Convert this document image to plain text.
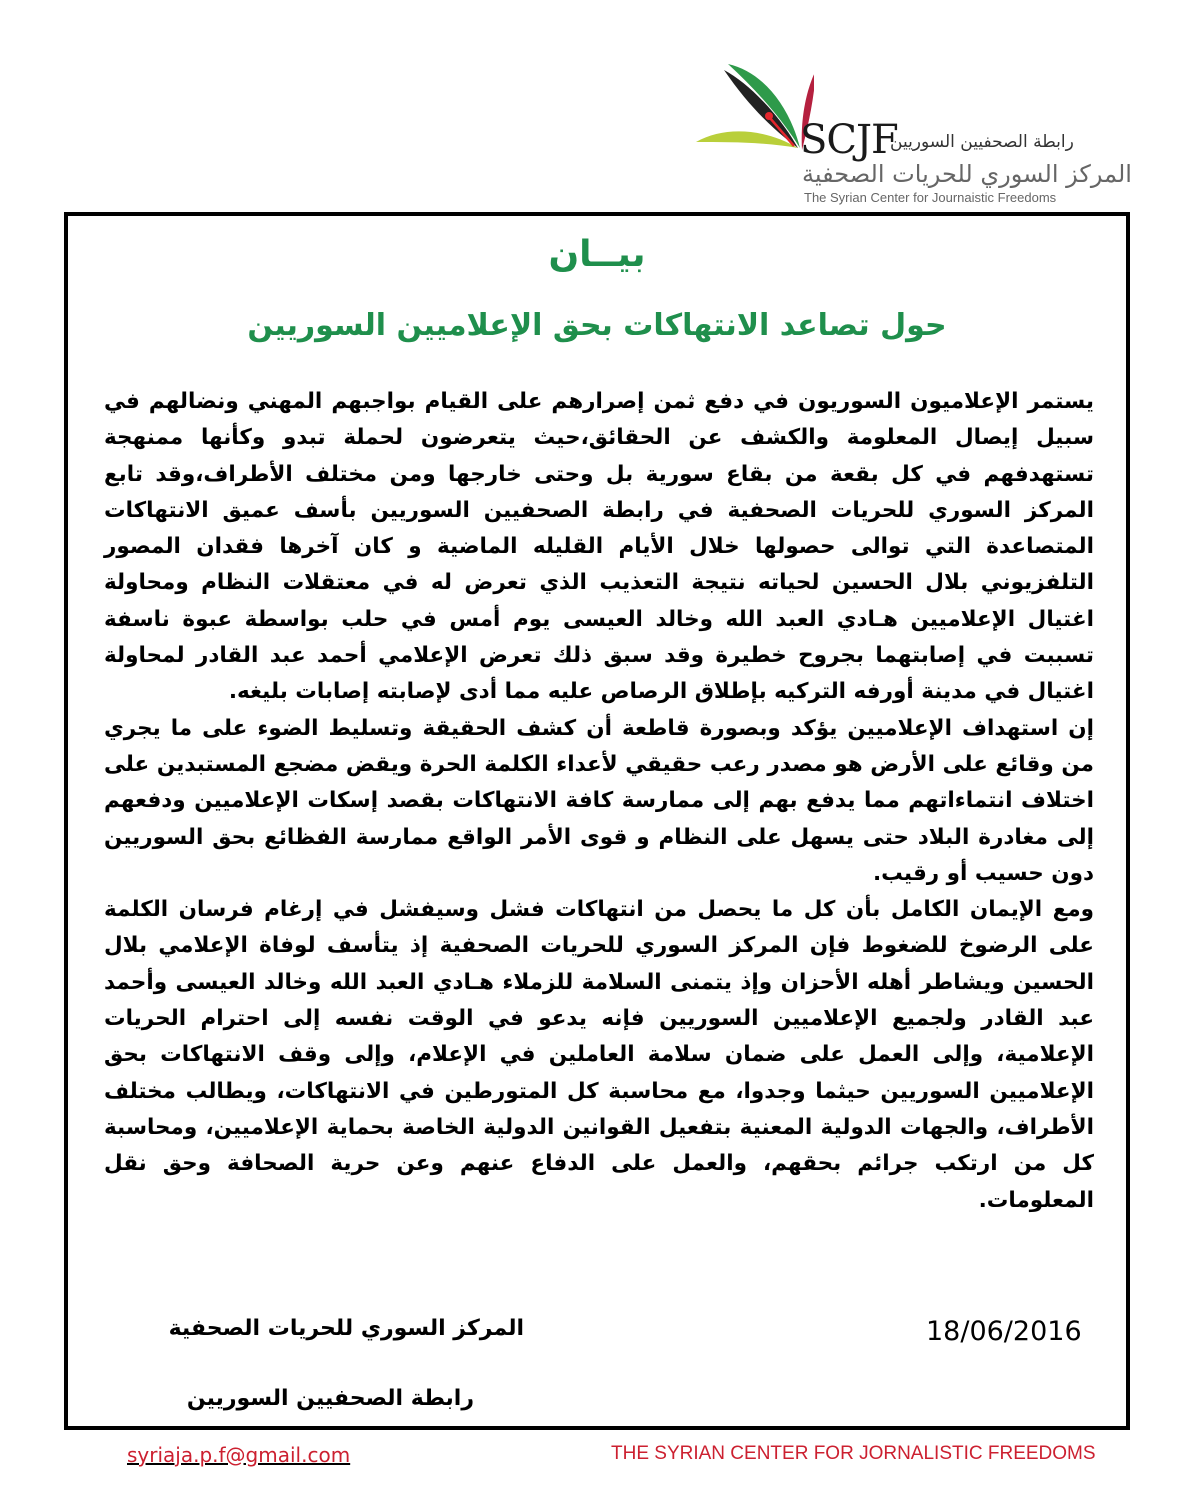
SCJF
رابطة الصحفيين السوريين
المركز السوري للحريات الصحفية
The Syrian Center for Journaistic Freedoms
بيــان
حول تصاعد الانتهاكات بحق الإعلاميين السوريين

يستمر الإعلاميون السوريون في دفع ثمن إصرارهم على القيام بواجبهم المهني ونضالهم في سبيل إيصال المعلومة والكشف عن الحقائق،حيث يتعرضون لحملة تبدو وكأنها ممنهجة تستهدفهم في كل بقعة من بقاع سورية بل وحتى خارجها ومن مختلف الأطراف،وقد تابع المركز السوري للحريات الصحفية في رابطة الصحفيين السوريين بأسف عميق الانتهاكات المتصاعدة التي توالى حصولها خلال الأيام القليله الماضية و كان آخرها فقدان المصور التلفزيوني بلال الحسين لحياته نتيجة التعذيب الذي تعرض له في معتقلات النظام ومحاولة اغتيال الإعلاميين هـادي العبد الله وخالد العيسى يوم أمس في حلب بواسطة عبوة ناسفة تسببت في إصابتهما بجروح خطيرة وقد سبق ذلك تعرض الإعلامي أحمد عبد القادر لمحاولة اغتيال في مدينة أورفه التركيه بإطلاق الرصاص عليه مما أدى لإصابته إصابات بليغه.

إن استهداف الإعلاميين يؤكد وبصورة قاطعة أن كشف الحقيقة وتسليط الضوء على ما يجري من وقائع على الأرض هو مصدر رعب حقيقي لأعداء الكلمة الحرة ويقض مضجع المستبدين على اختلاف انتماءاتهم مما يدفع بهم إلى ممارسة كافة الانتهاكات بقصد إسكات الإعلاميين ودفعهم إلى مغادرة البلاد حتى يسهل على النظام و قوى الأمر الواقع ممارسة الفظائع بحق السوريين دون حسيب أو رقيب.

ومع الإيمان الكامل بأن كل ما يحصل من انتهاكات فشل وسيفشل في إرغام فرسان الكلمة على الرضوخ للضغوط فإن المركز السوري للحريات الصحفية إذ يتأسف لوفاة الإعلامي بلال الحسين ويشاطر أهله الأحزان وإذ يتمنى السلامة للزملاء هـادي العبد الله وخالد العيسى وأحمد عبد القادر ولجميع الإعلاميين السوريين فإنه يدعو في الوقت نفسه إلى احترام الحريات الإعلامية، وإلى العمل على ضمان سلامة العاملين في الإعلام، وإلى وقف الانتهاكات بحق الإعلاميين السوريين حيثما وجدوا، مع محاسبة كل المتورطين في الانتهاكات، ويطالب مختلف الأطراف، والجهات الدولية المعنية بتفعيل القوانين الدولية الخاصة بحماية الإعلاميين، ومحاسبة كل من ارتكب جرائم بحقهم، والعمل على الدفاع عنهم وعن حرية الصحافة وحق نقل المعلومات.

18/06/2016
المركز السوري للحريات الصحفية
رابطة الصحفيين السوريين
syriaja.p.f@gmail.com	THE SYRIAN CENTER FOR JORNALISTIC FREEDOMS
